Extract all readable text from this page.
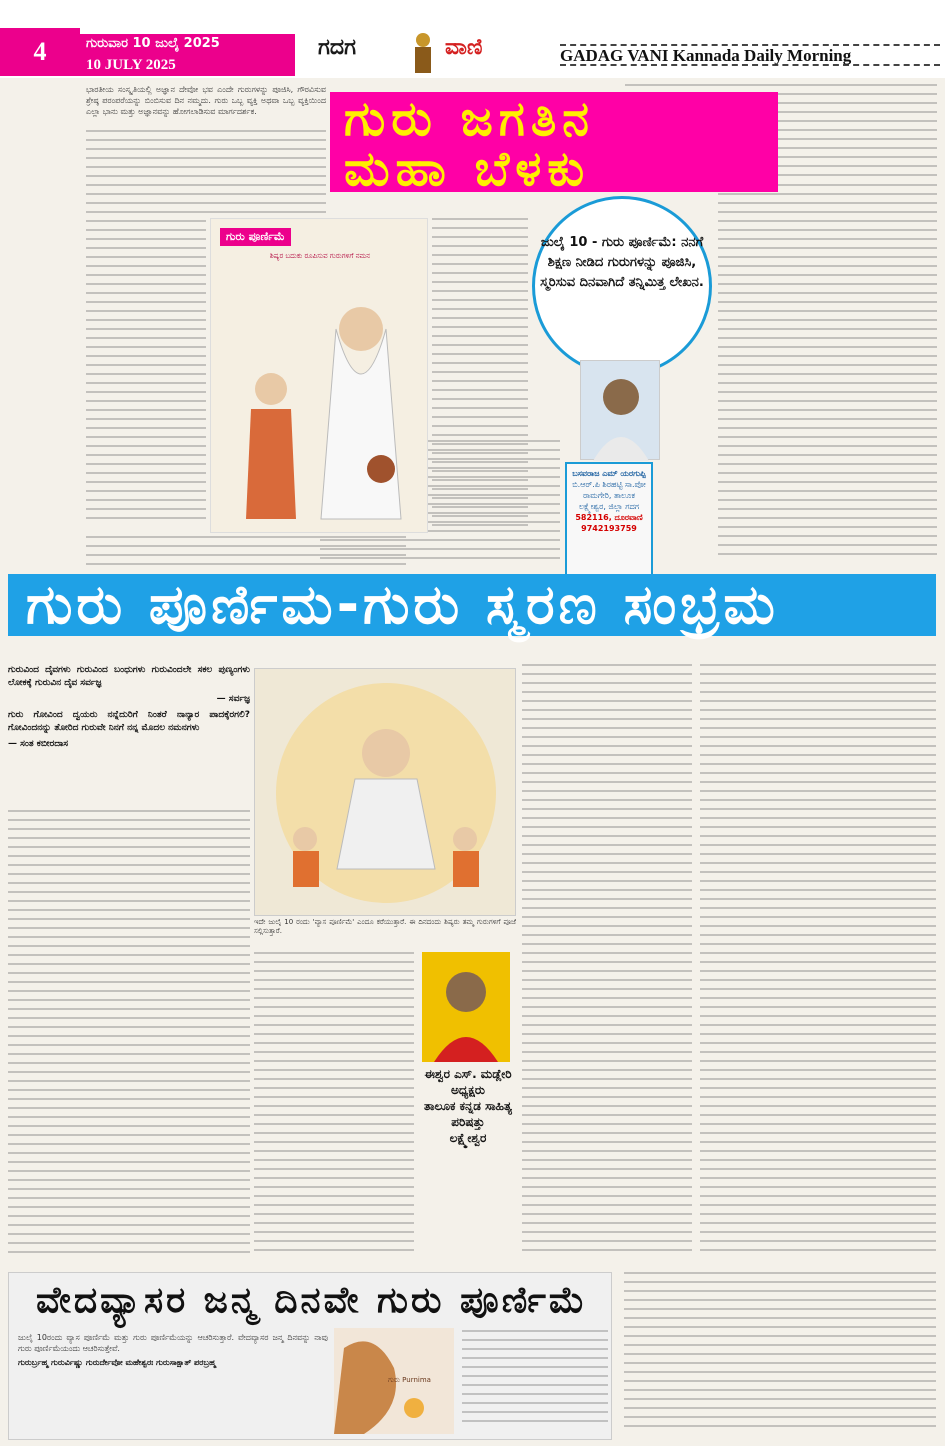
4	ಗುರುವಾರ 10 ಜುಲೈ 2025
10 JULY 2025
ಗದಗ	ವಾಣಿ	GADAG VANI Kannada Daily Morning

ಭಾರತೀಯ ಸಂಸ್ಕೃತಿಯಲ್ಲಿ ಅಜ್ಞಾನ ದೇವೋ ಭವ ಎಂದೇ ಗುರುಗಳನ್ನು ಪೂಜಿಸಿ, ಗೌರವಿಸುವ ಶ್ರೇಷ್ಠ ಪರಂಪರೆಯನ್ನು ಬಿಂಬಿಸುವ ದಿನ ನಮ್ಮದು. ಗುರು ಒಬ್ಬ ವ್ಯಕ್ತಿ ಅಥವಾ ಒಬ್ಬ ವ್ಯಕ್ತಿಯಿಂದ ಎಲ್ಲಾ ಭಾನು ಮತ್ತು ಅಜ್ಞಾನವನ್ನು ಹೋಗಲಾಡಿಸುವ ಮಾರ್ಗದರ್ಶಕ.	ಗುರು ಜಗತಿನ
ಮಹಾ ಬೆಳಕು
ಗುರು ಪೂರ್ಣಿಮೆ
ಶಿಷ್ಯರ ಬದುಕು ರೂಪಿಸುವ ಗುರುಗಳಿಗೆ ನಮನ
ಜುಲೈ 10 - ಗುರು ಪೂರ್ಣಿಮೆ: ನನಗೆ ಶಿಕ್ಷಣ ನೀಡಿದ ಗುರುಗಳನ್ನು ಪೂಜಿಸಿ, ಸ್ಮರಿಸುವ ದಿನವಾಗಿದೆ ತನ್ನಿಮಿತ್ತ ಲೇಖನ.
ಬಸವರಾಜ ಎಮ್ ಯರಗುಪ್ಪಿ
ಬಿ.ಆರ್.ಪಿ ಶಿರಹಟ್ಟಿ ಸಾ.ಪೋ ರಾಮಗೇರಿ, ತಾಲೂಕ ಲಕ್ಷ್ಮೇಶ್ವರ, ಜಿಲ್ಲಾ ಗದಗ
582116, ದೂರವಾಣಿ 9742193759
ಗುರು ಪೂರ್ಣಿಮ-ಗುರು ಸ್ಮರಣ ಸಂಭ್ರಮ

ಗುರುವಿಂದ ದೈವಗಳು ಗುರುವಿಂದ ಬಂಧುಗಳು ಗುರುವಿಂದಲೇ ಸಕಲ ಪುಣ್ಯಂಗಳು ಲೋಕಕ್ಕೆ ಗುರುವಿನ ದೈವ ಸರ್ವಜ್ಞ

— ಸರ್ವಜ್ಞ

ಗುರು ಗೋವಿಂದ ದ್ವಯರು ನನ್ನೆದುರಿಗೆ ನಿಂತರೆ ನಾನ್ಯಾರ ಪಾದಕ್ಕೆರಗಲಿ? ಗೋವಿಂದನನ್ನು ತೋರಿದ ಗುರುವೇ ನಿನಗೆ ನನ್ನ ಮೊದಲ ನಮನಗಳು

— ಸಂತ ಕಬೀರದಾಸ

ಇದೇ ಜುಲೈ 10 ರಂದು 'ವ್ಯಾಸ ಪೂರ್ಣಿಮೆ' ಎಂದೂ ಕರೆಯುತ್ತಾರೆ. ಈ ದಿನದಂದು ಶಿಷ್ಯರು ತಮ್ಮ ಗುರುಗಳಿಗೆ ಪೂಜೆ ಸಲ್ಲಿಸುತ್ತಾರೆ.
ಈಶ್ವರ ಎಸ್. ಮಡ್ಲೇರಿ
ಅಧ್ಯಕ್ಷರು
ತಾಲೂಕ ಕನ್ನಡ ಸಾಹಿತ್ಯ ಪರಿಷತ್ತು
ಲಕ್ಷ್ಮೇಶ್ವರ
ವೇದವ್ಯಾಸರ ಜನ್ಮ ದಿನವೇ ಗುರು ಪೂರ್ಣಿಮೆ

ಜುಲೈ 10ರಂದು ವ್ಯಾಸ ಪೂರ್ಣಿಮೆ ಮತ್ತು ಗುರು ಪೂರ್ಣಿಮೆಯನ್ನು ಆಚರಿಸುತ್ತಾರೆ. ವೇದವ್ಯಾಸರ ಜನ್ಮ ದಿನವನ್ನು ನಾವು ಗುರು ಪೂರ್ಣಿಮೆಯಂದು ಆಚರಿಸುತ್ತೇವೆ.

ಗುರುರ್ಬ್ರಹ್ಮ ಗುರುರ್ವಿಷ್ಣು ಗುರುರ್ದೇವೋ ಮಹೇಶ್ವರಃ ಗುರುಸಾಕ್ಷಾತ್ ಪರಬ್ರಹ್ಮ

ಗುರು Purnima
